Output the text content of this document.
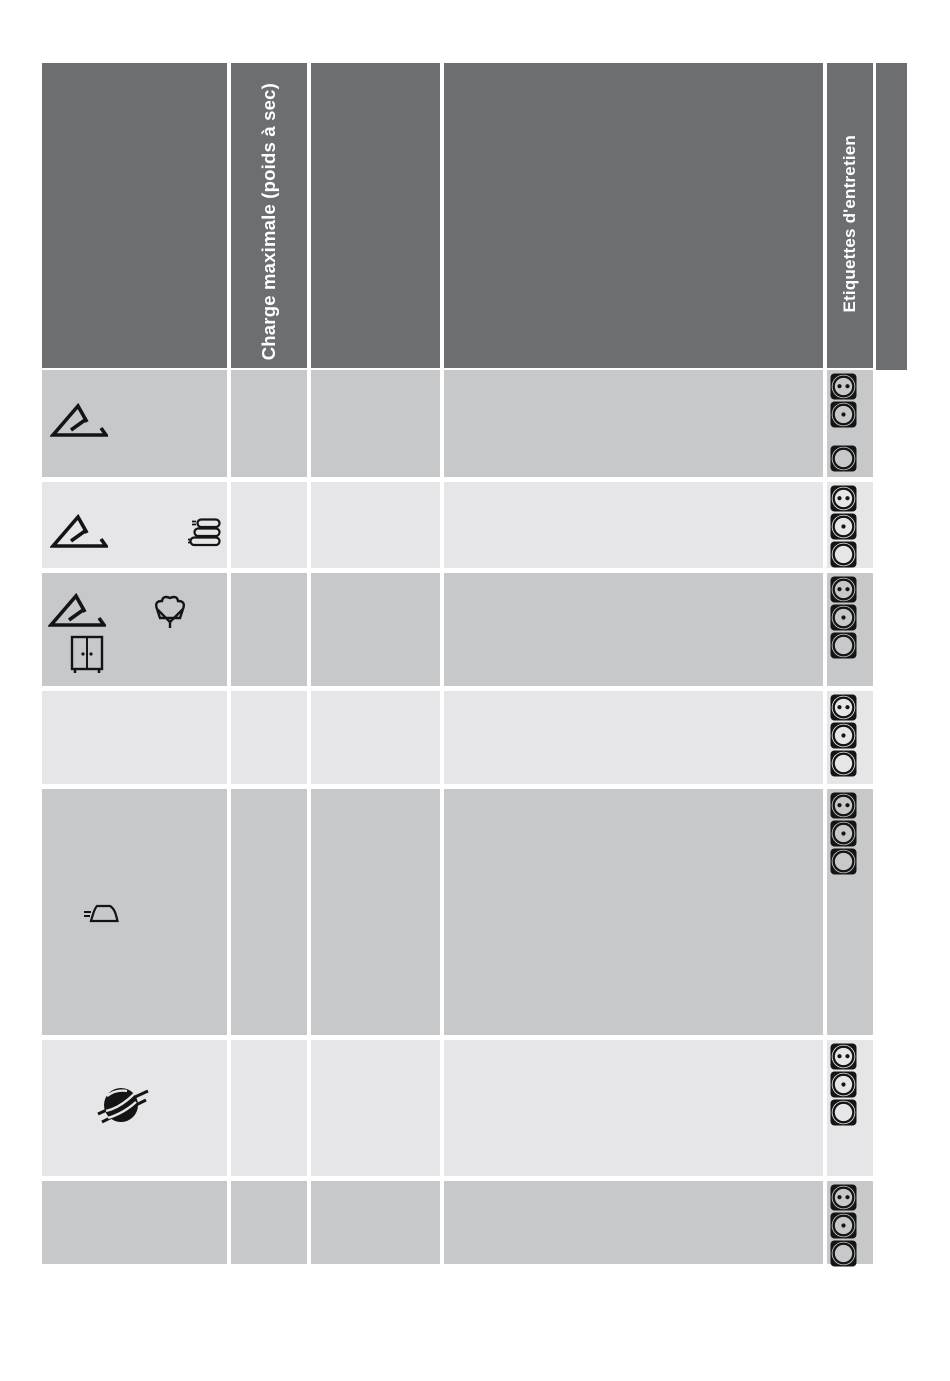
Charge maximale (poids à sec)	Etiquettes d'entretien
